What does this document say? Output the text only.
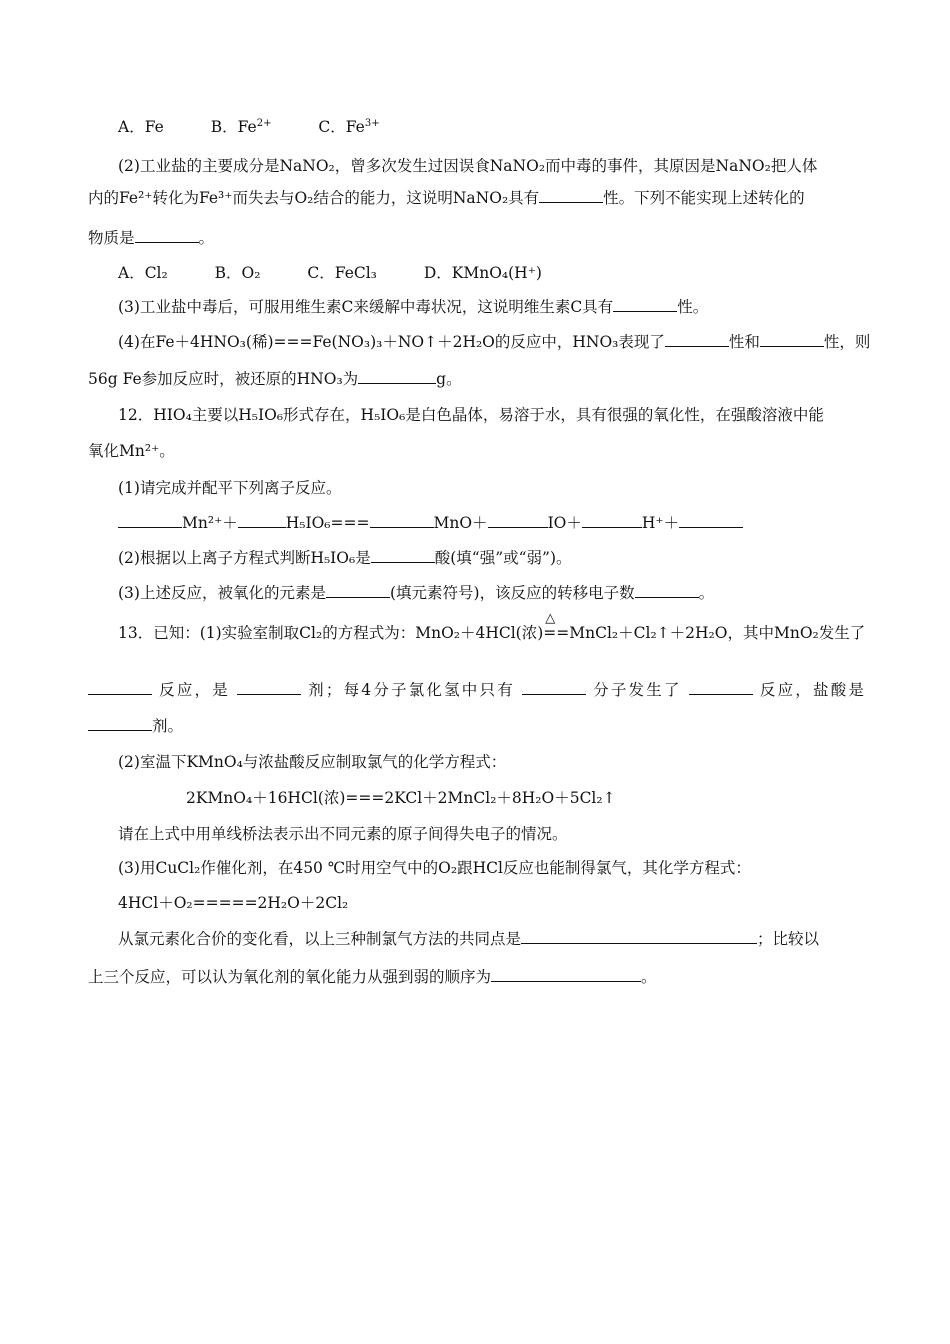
A．Fe	B．$Fe^{2+}$	C．$Fe^{3+}$
(2)工业盐的主要成分是NaNO₂，曾多次发生过因误食NaNO₂而中毒的事件，其原因是NaNO₂把人体
内的Fe²⁺转化为Fe³⁺而失去与O₂结合的能力，这说明NaNO₂具有	性。下列不能实现上述转化的
物质是	。
A．Cl₂	B．O₂	C．FeCl₃	D．KMnO₄(H⁺)
(3)工业盐中毒后，可服用维生素C来缓解中毒状况，这说明维生素C具有	性。
(4)在Fe＋4HNO₃(稀)===Fe(NO₃)₃＋NO↑＋2H₂O的反应中，HNO₃表现了	性和	性，则
56g Fe参加反应时，被还原的HNO₃为	g。
12．HIO₄主要以H₅IO₆形式存在，H₅IO₆是白色晶体，易溶于水，具有很强的氧化性，在强酸溶液中能
氧化Mn²⁺。
(1)请完成并配平下列离子反应。
Mn²⁺＋	H₅IO₆===	MnO＋	IO＋	H⁺＋
(2)根据以上离子方程式判断H₅IO₆是	酸(填“强”或“弱”)。
(3)上述反应，被氧化的元素是	(填元素符号)，该反应的转移电子数	。
13．已知：(1)实验室制取Cl₂的方程式为：MnO₂＋4HCl(浓)
△
==MnCl₂＋Cl₂↑＋2H₂O，其中MnO₂发生了
反应，是	剂；每4分子氯化氢中只有	分子发生了	反应，盐酸是
剂。
(2)室温下KMnO₄与浓盐酸反应制取氯气的化学方程式：
2KMnO₄＋16HCl(浓)===2KCl＋2MnCl₂＋8H₂O＋5Cl₂↑
请在上式中用单线桥法表示出不同元素的原子间得失电子的情况。
(3)用CuCl₂作催化剂，在450 ℃时用空气中的O₂跟HCl反应也能制得氯气，其化学方程式：
4HCl＋O₂=====2H₂O＋2Cl₂
从氯元素化合价的变化看，以上三种制氯气方法的共同点是	；比较以
上三个反应，可以认为氧化剂的氧化能力从强到弱的顺序为	。
